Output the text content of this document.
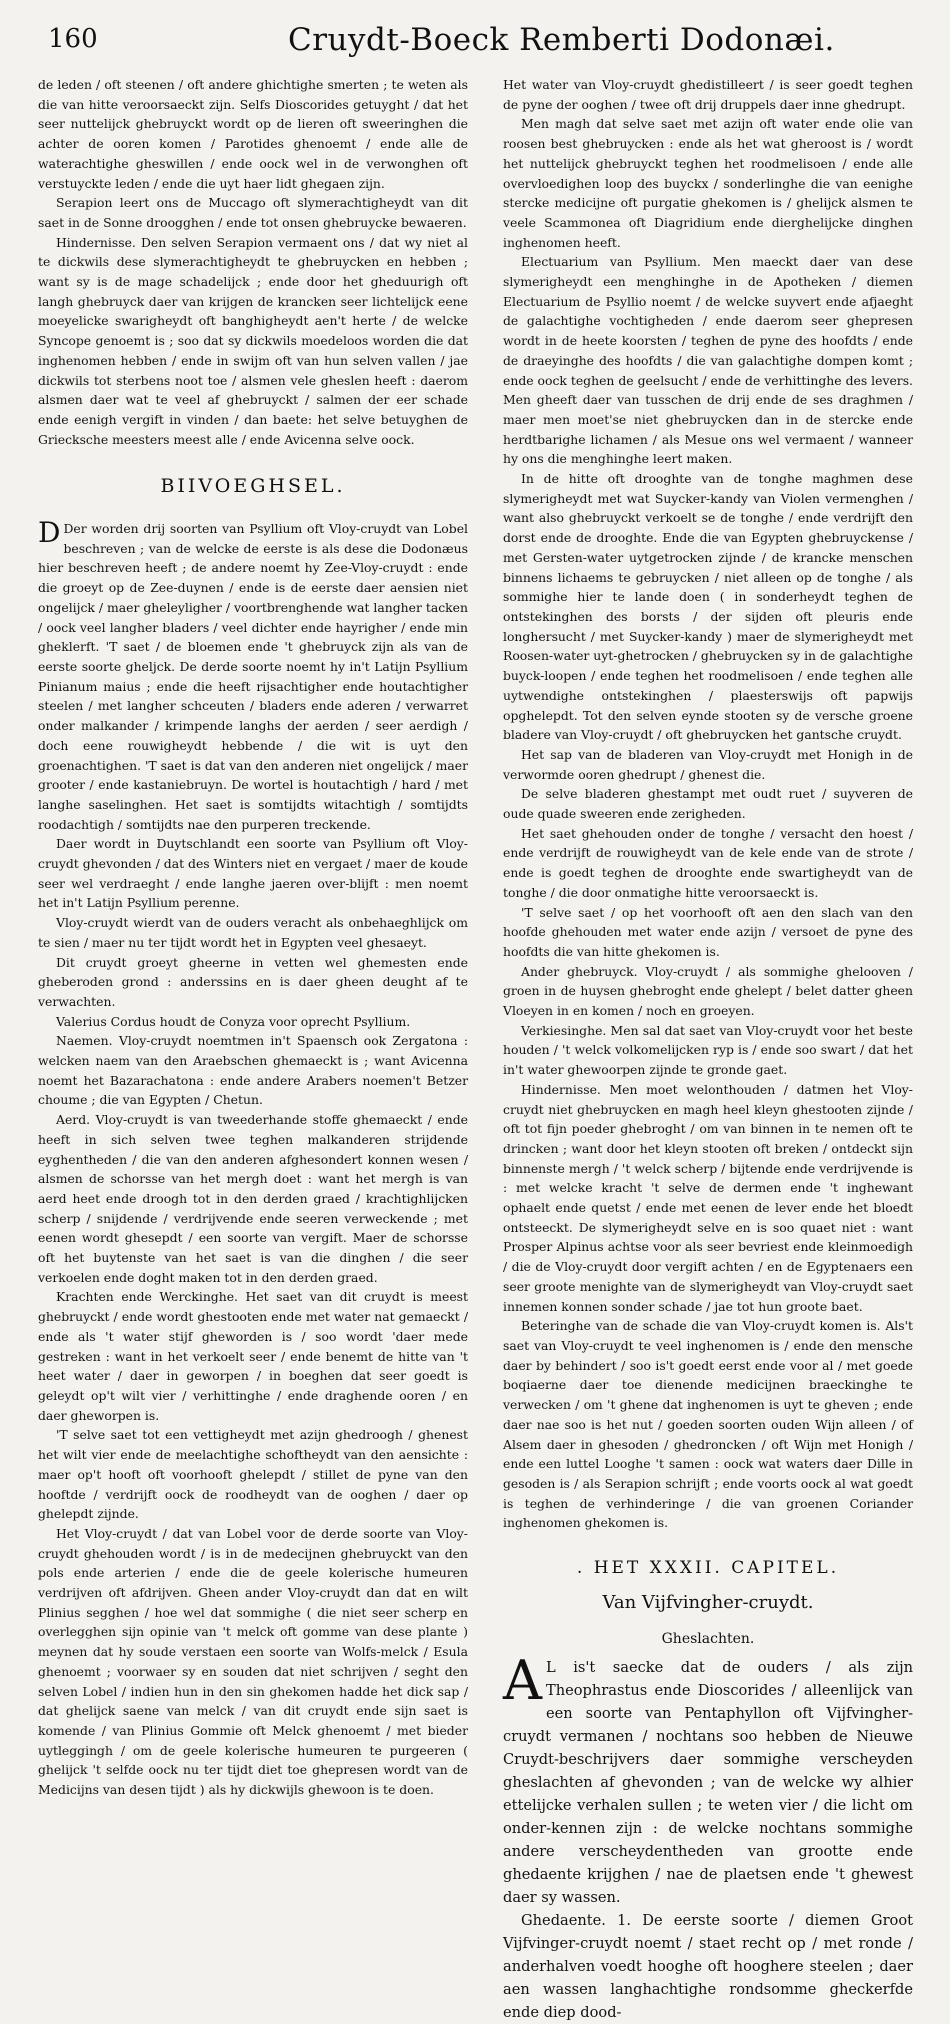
160	Cruydt-Boeck Remberti Dodonæi.

de leden / oft steenen / oft andere ghichtighe smerten ; te weten als die van hitte veroorsaeckt zijn. Selfs Dioscorides getuyght / dat het seer nuttelijck ghebruyckt wordt op de lieren oft sweeringhen die achter de ooren komen / Parotides ghenoemt / ende alle de waterachtighe gheswillen / ende oock wel in de verwonghen oft verstuyckte leden / ende die uyt haer lidt ghegaen zijn.

Serapion leert ons de Muccago oft slymerachtigheydt van dit saet in de Sonne droogghen / ende tot onsen ghebruycke bewaeren.

Hindernisse. Den selven Serapion vermaent ons / dat wy niet al te dickwils dese slymerachtigheydt te ghebruycken en hebben ; want sy is de mage schadelijck ; ende door het gheduurigh oft langh ghebruyck daer van krijgen de krancken seer lichtelijck eene moeyelicke swarigheydt oft banghigheydt aen't herte / de welcke Syncope genoemt is ; soo dat sy dickwils moedeloos worden die dat inghenomen hebben / ende in swijm oft van hun selven vallen / jae dickwils tot sterbens noot toe / alsmen vele gheslen heeft : daerom alsmen daer wat te veel af ghebruyckt / salmen der eer schade ende eenigh vergift in vinden / dan baete: het selve betuyghen de Griecksche meesters meest alle / ende Avicenna selve oock.

BIIVOEGHSEL.

D Der worden drij soorten van Psyllium oft Vloy-cruydt van Lobel beschreven ; van de welcke de eerste is als dese die Dodonæus hier beschreven heeft ; de andere noemt hy Zee-Vloy-cruydt : ende die groeyt op de Zee-duynen / ende is de eerste daer aensien niet ongelijck / maer gheleyligher / voortbrenghende wat langher tacken / oock veel langher bladers / veel dichter ende hayrigher / ende min gheklerft. 'T saet / de bloemen ende 't ghebruyck zijn als van de eerste soorte gheljck. De derde soorte noemt hy in't Latijn Psyllium Pinianum maius ; ende die heeft rijsachtigher ende houtachtigher steelen / met langher schceuten / bladers ende aderen / verwarret onder malkander / krimpende langhs der aerden / seer aerdigh / doch eene rouwigheydt hebbende / die wit is uyt den groenachtighen. 'T saet is dat van den anderen niet ongelijck / maer grooter / ende kastaniebruyn. De wortel is houtachtigh / hard / met langhe saselinghen. Het saet is somtijdts witachtigh / somtijdts roodachtigh / somtijdts nae den purperen treckende.

Daer wordt in Duytschlandt een soorte van Psyllium oft Vloy-cruydt ghevonden / dat des Winters niet en vergaet / maer de koude seer wel verdraeght / ende langhe jaeren over-blijft : men noemt het in't Latijn Psyllium perenne.

Vloy-cruydt wierdt van de ouders veracht als onbehaeghlijck om te sien / maer nu ter tijdt wordt het in Egypten veel ghesaeyt.

Dit cruydt groeyt gheerne in vetten wel ghemesten ende gheberoden grond : anderssins en is daer gheen deught af te verwachten.

Valerius Cordus houdt de Conyza voor oprecht Psyllium.

Naemen. Vloy-cruydt noemtmen in't Spaensch ook Zergatona : welcken naem van den Araebschen ghemaeckt is ; want Avicenna noemt het Bazarachatona : ende andere Arabers noemen't Betzer choume ; die van Egypten / Chetun.

Aerd. Vloy-cruydt is van tweederhande stoffe ghemaeckt / ende heeft in sich selven twee teghen malkanderen strijdende eyghentheden / die van den anderen afghesondert konnen wesen / alsmen de schorsse van het mergh doet : want het mergh is van aerd heet ende droogh tot in den derden graed / krachtighlijcken scherp / snijdende / verdrijvende ende seeren verweckende ; met eenen wordt ghesepdt / een soorte van vergift. Maer de schorsse oft het buytenste van het saet is van die dinghen / die seer verkoelen ende doght maken tot in den derden graed.

Krachten ende Werckinghe. Het saet van dit cruydt is meest ghebruyckt / ende wordt ghestooten ende met water nat gemaeckt / ende als 't water stijf gheworden is / soo wordt 'daer mede gestreken : want in het verkoelt seer / ende benemt de hitte van 't heet water / daer in geworpen / in boeghen dat seer goedt is geleydt op't wilt vier / verhittinghe / ende draghende ooren / en daer gheworpen is.

'T selve saet tot een vettigheydt met azijn ghedroogh / ghenest het wilt vier ende de meelachtighe schoftheydt van den aensichte : maer op't hooft oft voorhooft ghelepdt / stillet de pyne van den hooftde / verdrijft oock de roodheydt van de ooghen / daer op ghelepdt zijnde.

Het Vloy-cruydt / dat van Lobel voor de derde soorte van Vloy-cruydt ghehouden wordt / is in de medecijnen ghebruyckt van den pols ende arterien / ende die de geele kolerische humeuren verdrijven oft afdrijven. Gheen ander Vloy-cruydt dan dat en wilt Plinius segghen / hoe wel dat sommighe ( die niet seer scherp en overlegghen sijn opinie van 't melck oft gomme van dese plante ) meynen dat hy soude verstaen een soorte van Wolfs-melck / Esula ghenoemt ; voorwaer sy en souden dat niet schrijven / seght den selven Lobel / indien hun in den sin ghekomen hadde het dick sap / dat ghelijck saene van melck / van dit cruydt ende sijn saet is komende / van Plinius Gommie oft Melck ghenoemt / met bieder uytleggingh / om de geele kolerische humeuren te purgeeren ( ghelijck 't selfde oock nu ter tijdt diet toe ghepresen wordt van de Medicijns van desen tijdt ) als hy dickwijls ghewoon is te doen.

Het water van Vloy-cruydt ghedistilleert / is seer goedt teghen de pyne der ooghen / twee oft drij druppels daer inne ghedrupt.

Men magh dat selve saet met azijn oft water ende olie van roosen best ghebruycken : ende als het wat gheroost is / wordt het nuttelijck ghebruyckt teghen het roodmelisoen / ende alle overvloedighen loop des buyckx / sonderlinghe die van eenighe stercke medicijne oft purgatie ghekomen is / ghelijck alsmen te veele Scammonea oft Diagridium ende dierghelijcke dinghen inghenomen heeft.

Electuarium van Psyllium. Men maeckt daer van dese slymerigheydt een menghinghe in de Apotheken / diemen Electuarium de Psyllio noemt / de welcke suyvert ende afjaeght de galachtighe vochtigheden / ende daerom seer ghepresen wordt in de heete koorsten / teghen de pyne des hoofdts / ende de draeyinghe des hoofdts / die van galachtighe dompen komt ; ende oock teghen de geelsucht / ende de verhittinghe des levers. Men gheeft daer van tusschen de drij ende de ses draghmen / maer men moet'se niet ghebruycken dan in de stercke ende herdtbarighe lichamen / als Mesue ons wel vermaent / wanneer hy ons die menghinghe leert maken.

In de hitte oft drooghte van de tonghe maghmen dese slymerigheydt met wat Suycker-kandy van Violen vermenghen / want also ghebruyckt verkoelt se de tonghe / ende verdrijft den dorst ende de drooghte. Ende die van Egypten ghebruyckense / met Gersten-water uytgetrocken zijnde / de krancke menschen binnens lichaems te gebruycken / niet alleen op de tonghe / als sommighe hier te lande doen ( in sonderheydt teghen de ontstekinghen des borsts / der sijden oft pleuris ende longhersucht / met Suycker-kandy ) maer de slymerigheydt met Roosen-water uyt-ghetrocken / ghebruycken sy in de galachtighe buyck-loopen / ende teghen het roodmelisoen / ende teghen alle uytwendighe ontstekinghen / plaesterswijs oft papwijs opghelepdt. Tot den selven eynde stooten sy de versche groene bladere van Vloy-cruydt / oft ghebruycken het gantsche cruydt.

Het sap van de bladeren van Vloy-cruydt met Honigh in de verwormde ooren ghedrupt / ghenest die.

De selve bladeren ghestampt met oudt ruet / suyveren de oude quade sweeren ende zerigheden.

Het saet ghehouden onder de tonghe / versacht den hoest / ende verdrijft de rouwigheydt van de kele ende van de strote / ende is goedt teghen de drooghte ende swartigheydt van de tonghe / die door onmatighe hitte veroorsaeckt is.

'T selve saet / op het voorhooft oft aen den slach van den hoofde ghehouden met water ende azijn / versoet de pyne des hoofdts die van hitte ghekomen is.

Ander ghebruyck. Vloy-cruydt / als sommighe ghelooven / groen in de huysen ghebroght ende ghelept / belet datter gheen Vloeyen in en komen / noch en groeyen.

Verkiesinghe. Men sal dat saet van Vloy-cruydt voor het beste houden / 't welck volkomelijcken ryp is / ende soo swart / dat het in't water ghewoorpen zijnde te gronde gaet.

Hindernisse. Men moet welonthouden / datmen het Vloy-cruydt niet ghebruycken en magh heel kleyn ghestooten zijnde / oft tot fijn poeder ghebroght / om van binnen in te nemen oft te drincken ; want door het kleyn stooten oft breken / ontdeckt sijn binnenste mergh / 't welck scherp / bijtende ende verdrijvende is : met welcke kracht 't selve de dermen ende 't inghewant ophaelt ende quetst / ende met eenen de lever ende het bloedt ontsteeckt. De slymerigheydt selve en is soo quaet niet : want Prosper Alpinus achtse voor als seer bevriest ende kleinmoedigh / die de Vloy-cruydt door vergift achten / en de Egyptenaers een seer groote menighte van de slymerigheydt van Vloy-cruydt saet innemen konnen sonder schade / jae tot hun groote baet.

Beteringhe van de schade die van Vloy-cruydt komen is. Als't saet van Vloy-cruydt te veel inghenomen is / ende den mensche daer by behindert / soo is't goedt eerst ende voor al / met goede boqiaerne daer toe dienende medicijnen braeckinghe te verwecken / om 't ghene dat inghenomen is uyt te gheven ; ende daer nae soo is het nut / goeden soorten ouden Wijn alleen / of Alsem daer in ghesoden / ghedroncken / oft Wijn met Honigh / ende een luttel Looghe 't samen : oock wat waters daer Dille in gesoden is / als Serapion schrijft ; ende voorts oock al wat goedt is teghen de verhinderinge / die van groenen Coriander inghenomen ghekomen is.

. HET XXXII. CAPITEL.

Van Vijfvingher-cruydt.

Gheslachten.

A L is't saecke dat de ouders / als zijn Theophrastus ende Dioscorides / alleenlijck van een soorte van Pentaphyllon oft Vijfvingher-cruydt vermanen / nochtans soo hebben de Nieuwe Cruydt-beschrijvers daer sommighe verscheyden gheslachten af ghevonden ; van de welcke wy alhier ettelijcke verhalen sullen ; te weten vier / die licht om onder-kennen zijn : de welcke nochtans sommighe andere verscheydentheden van grootte ende ghedaente krijghen / nae de plaetsen ende 't ghewest daer sy wassen.

Ghedaente. 1. De eerste soorte / diemen Groot Vijfvinger-cruydt noemt / staet recht op / met ronde / anderhalven voedt hooghe oft hooghere steelen ; daer aen wassen langhachtighe rondsomme gheckerfde ende diep dood-
